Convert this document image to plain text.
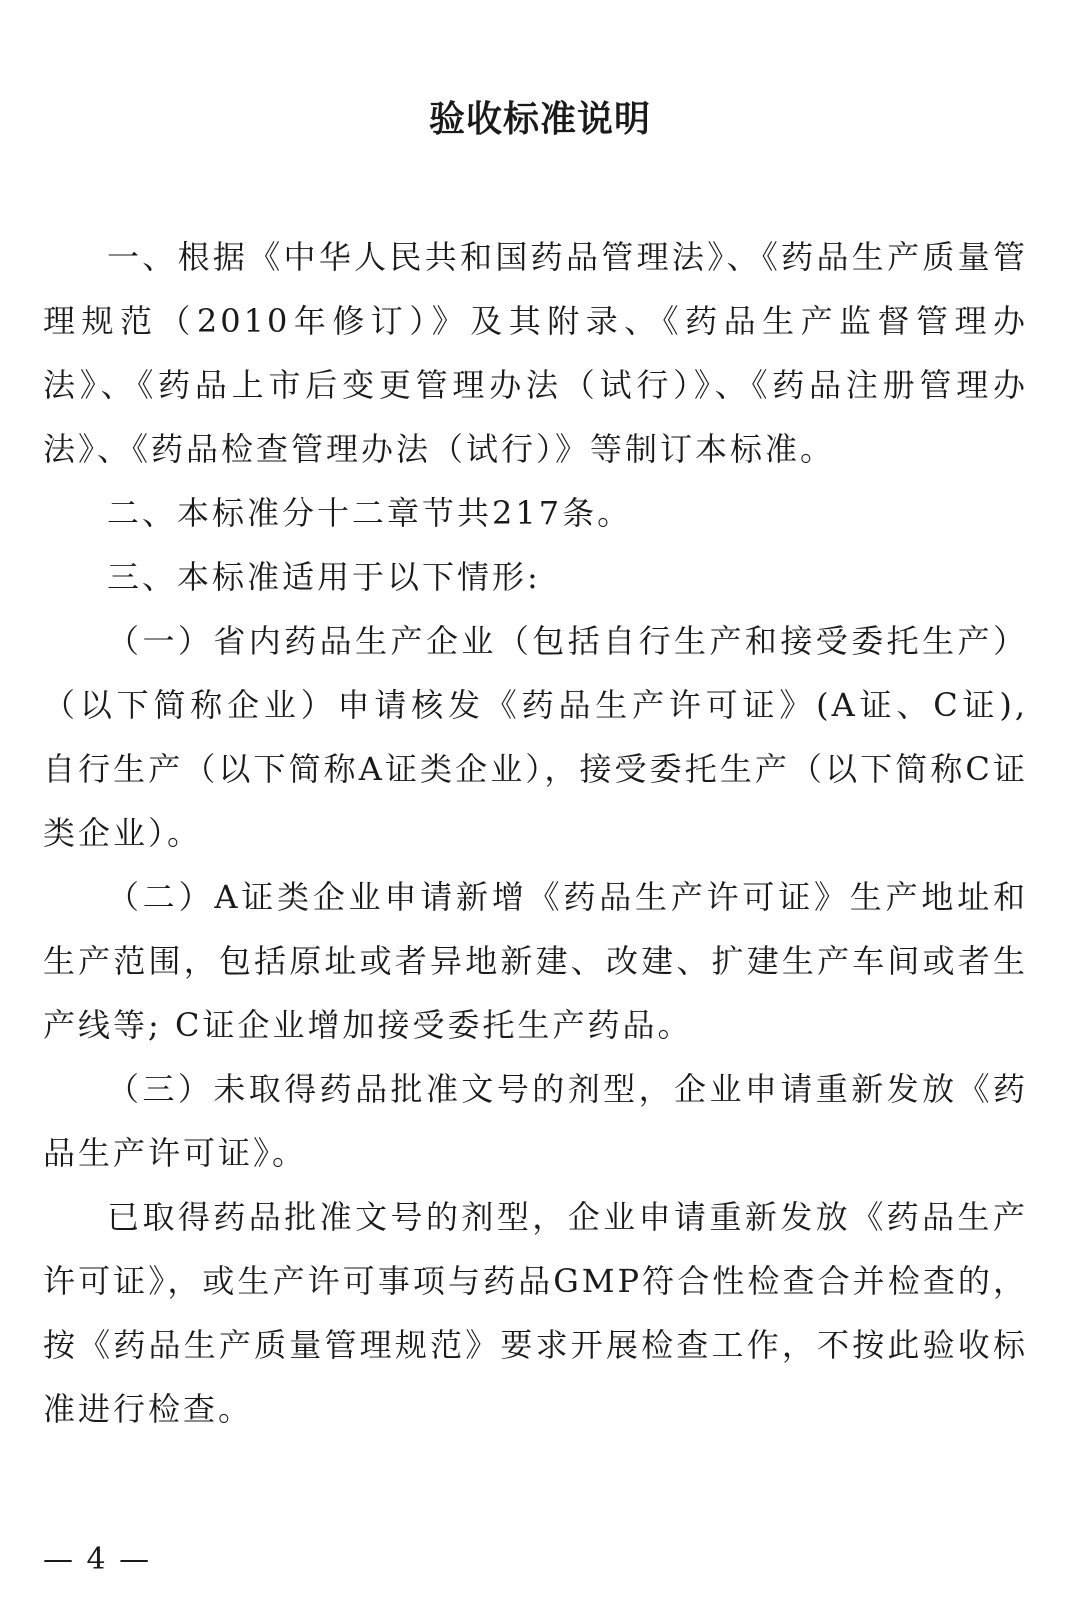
验收标准说明

一、根据《中华人民共和国药品管理法》、《药品生产质量管理规范（2010年修订）》及其附录、《药品生产监督管理办法》、《药品上市后变更管理办法（试行）》、《药品注册管理办法》、《药品检查管理办法（试行）》等制订本标准。

二、本标准分十二章节共217条。

三、本标准适用于以下情形:

（一）省内药品生产企业（包括自行生产和接受委托生产）（以下简称企业）申请核发《药品生产许可证》(A证、C证), 自行生产（以下简称A证类企业），接受委托生产（以下简称C证类企业）。

（二）A证类企业申请新增《药品生产许可证》生产地址和生产范围，包括原址或者异地新建、改建、扩建生产车间或者生产线等; C证企业增加接受委托生产药品。

（三）未取得药品批准文号的剂型，企业申请重新发放《药品生产许可证》。

已取得药品批准文号的剂型，企业申请重新发放《药品生产许可证》，或生产许可事项与药品GMP符合性检查合并检查的，按《药品生产质量管理规范》要求开展检查工作，不按此验收标准进行检查。

— 4 —
